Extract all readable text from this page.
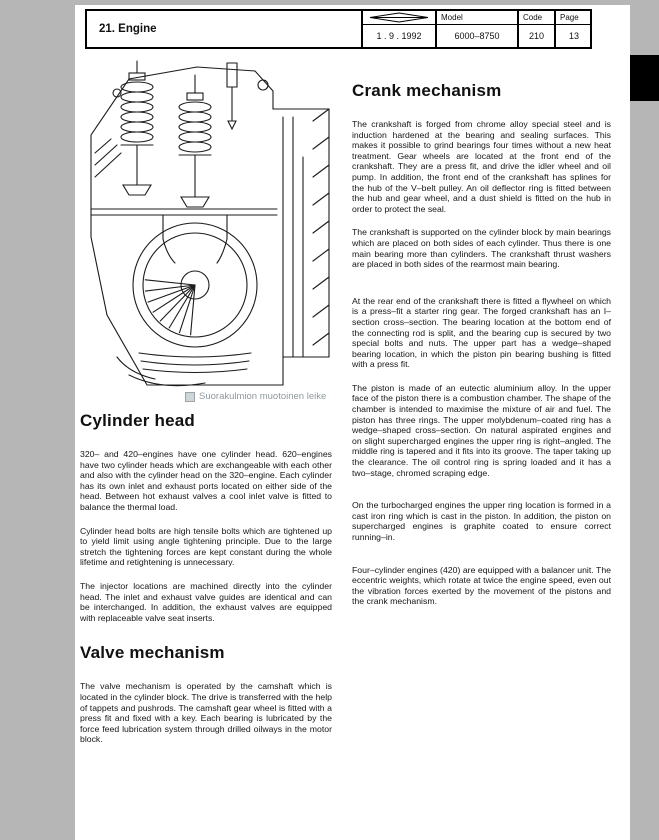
21. Engine
1 . 9 . 1992
Model
6000–8750
Code
210
Page
13
Suorakulmion muotoinen leike
Crank mechanism

The crankshaft is forged from chrome alloy special steel and is induction hardened at the bearing and sealing surfaces. This makes it possible to grind bearings four times without a new heat treatment. Gear wheels are located at the front end of the crankshaft. They are a press fit, and drive the idler wheel and oil pump. In addition, the front end of the crankshaft has splines for the hub of the V–belt pulley. An oil deflector ring is fitted between the hub and gear wheel, and a dust shield is fitted on the hub in order to protect the seal.

The crankshaft is supported on the cylinder block by main bearings which are placed on both sides of each cylinder. Thus there is one main bearing more than cylinders. The crankshaft thrust washers are placed in both sides of the rearmost main bearing.

At the rear end of the crankshaft there is fitted a flywheel on which is a press–fit a starter ring gear. The forged crankshaft has an I–section cross–section. The bearing location at the bottom end of the connecting rod is split, and the bearing cup is secured by two special bolts and nuts. The upper part has a wedge–shaped bearing location, in which the piston pin bearing bushing is fitted with a press fit.

The piston is made of an eutectic aluminium alloy. In the upper face of the piston there is a combustion chamber. The shape of the chamber is intended to maximise the mixture of air and fuel. The piston has three rings. The upper molybdenum–coated ring has a wedge–shaped cross–section. On natural aspirated engines and on slight supercharged engines the upper ring is right–angled. The middle ring is tapered and it fits into its groove. The taper taking up the clearance. The oil control ring is spring loaded and it has a two–stage, chromed scraping edge.

On the turbocharged engines the upper ring location is formed in a cast iron ring which is cast in the piston. In addition, the piston on supercharged engines is graphite coated to ensure correct running–in.

Four–cylinder engines (420) are equipped with a balancer unit. The eccentric weights, which rotate at twice the engine speed, even out the vibration forces exerted by the movement of the pistons and the crank mechanism.

Cylinder head

320– and 420–engines have one cylinder head. 620–engines have two cylinder heads which are exchangeable with each other and also with the cylinder head on the 320–engine. Each cylinder has its own inlet and exhaust ports located on either side of the head. Between hot exhaust valves a cool inlet valve is fitted to balance the thermal load.

Cylinder head bolts are high tensile bolts which are tightened up to yield limit using angle tightening principle. Due to the large stretch the tightening forces are kept constant during the whole lifetime and retightening is unnecessary.

The injector locations are machined directly into the cylinder head. The inlet and exhaust valve guides are identical and can be interchanged. In addition, the exhaust valves are equipped with replaceable valve seat inserts.

Valve mechanism

The valve mechanism is operated by the camshaft which is located in the cylinder block. The drive is transferred with the help of tappets and pushrods. The camshaft gear wheel is fitted with a press fit and fixed with a key. Each bearing is lubricated by the force feed lubrication system through drilled oilways in the motor block.
